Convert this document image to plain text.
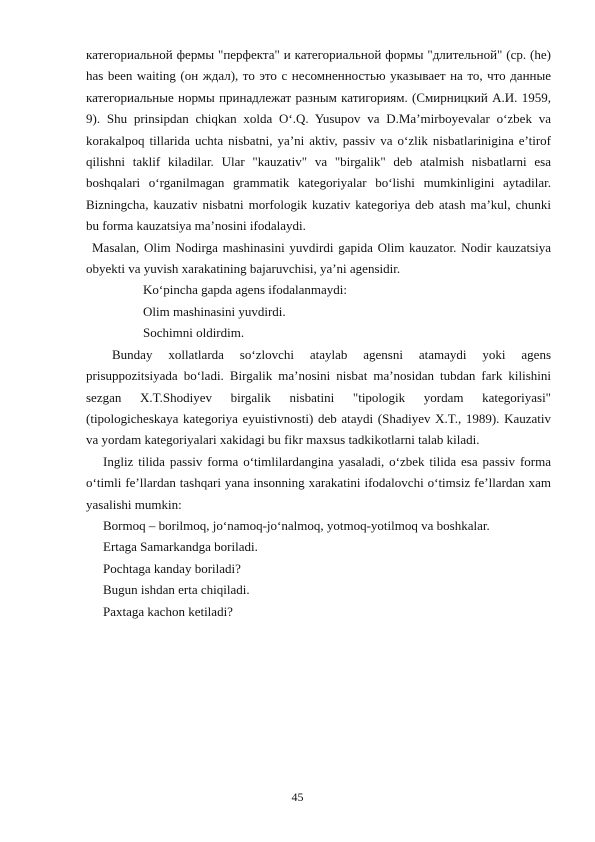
категориальной фермы "перфекта" и категориальной формы "длительной" (ср. (he) has been waiting (он ждал), то это с несомненностью указывает на то, что данные категориальные нормы принадлежат разным катигориям. (Смирницкий А.И. 1959, 9). Shu prinsipdan chiqkan xolda O‘.Q. Yusupov va D.Ma’mirboyevalar o‘zbek va korakalpoq tillarida uchta nisbatni, ya’ni aktiv, passiv va o‘zlik nisbatlarinigina e’tirof qilishni taklif kiladilar. Ular "kauzativ" va "birgalik" deb atalmish nisbatlarni esa boshqalari o‘rganilmagan grammatik kategoriyalar bo‘lishi mumkinligini aytadilar. Bizningcha, kauzativ nisbatni morfologik kuzativ kategoriya deb atash ma’kul, chunki bu forma kauzatsiya ma’nosini ifodalaydi.

Masalan, Olim Nodirga mashinasini yuvdirdi gapida Olim kauzator. Nodir kauzatsiya obyekti va yuvish xarakatining bajaruvchisi, ya’ni agensidir.

Ko‘pincha gapda agens ifodalanmaydi:

Olim mashinasini yuvdirdi.

Sochimni oldirdim.

Bunday xollatlarda so‘zlovchi ataylab agensni atamaydi yoki agens prisuppozitsiyada bo‘ladi. Birgalik ma’nosini nisbat ma’nosidan tubdan fark kilishini sezgan X.T.Shodiyev birgalik nisbatini "tipologik yordam kategoriyasi" (tipologicheskaya kategoriya eyuistivnosti) deb ataydi (Shadiyev X.T., 1989). Kauzativ va yordam kategoriyalari xakidagi bu fikr maxsus tadkikotlarni talab kiladi.

Ingliz tilida passiv forma o‘timlilardangina yasaladi, o‘zbek tilida esa passiv forma o‘timli fe’llardan tashqari yana insonning xarakatini ifodalovchi o‘timsiz fe’llardan xam yasalishi mumkin:

Bormoq – borilmoq, jo‘namoq-jo‘nalmoq, yotmoq-yotilmoq va boshkalar.

Ertaga Samarkandga boriladi.

Pochtaga kanday boriladi?

Bugun ishdan erta chiqiladi.

Paxtaga kachon ketiladi?

45
